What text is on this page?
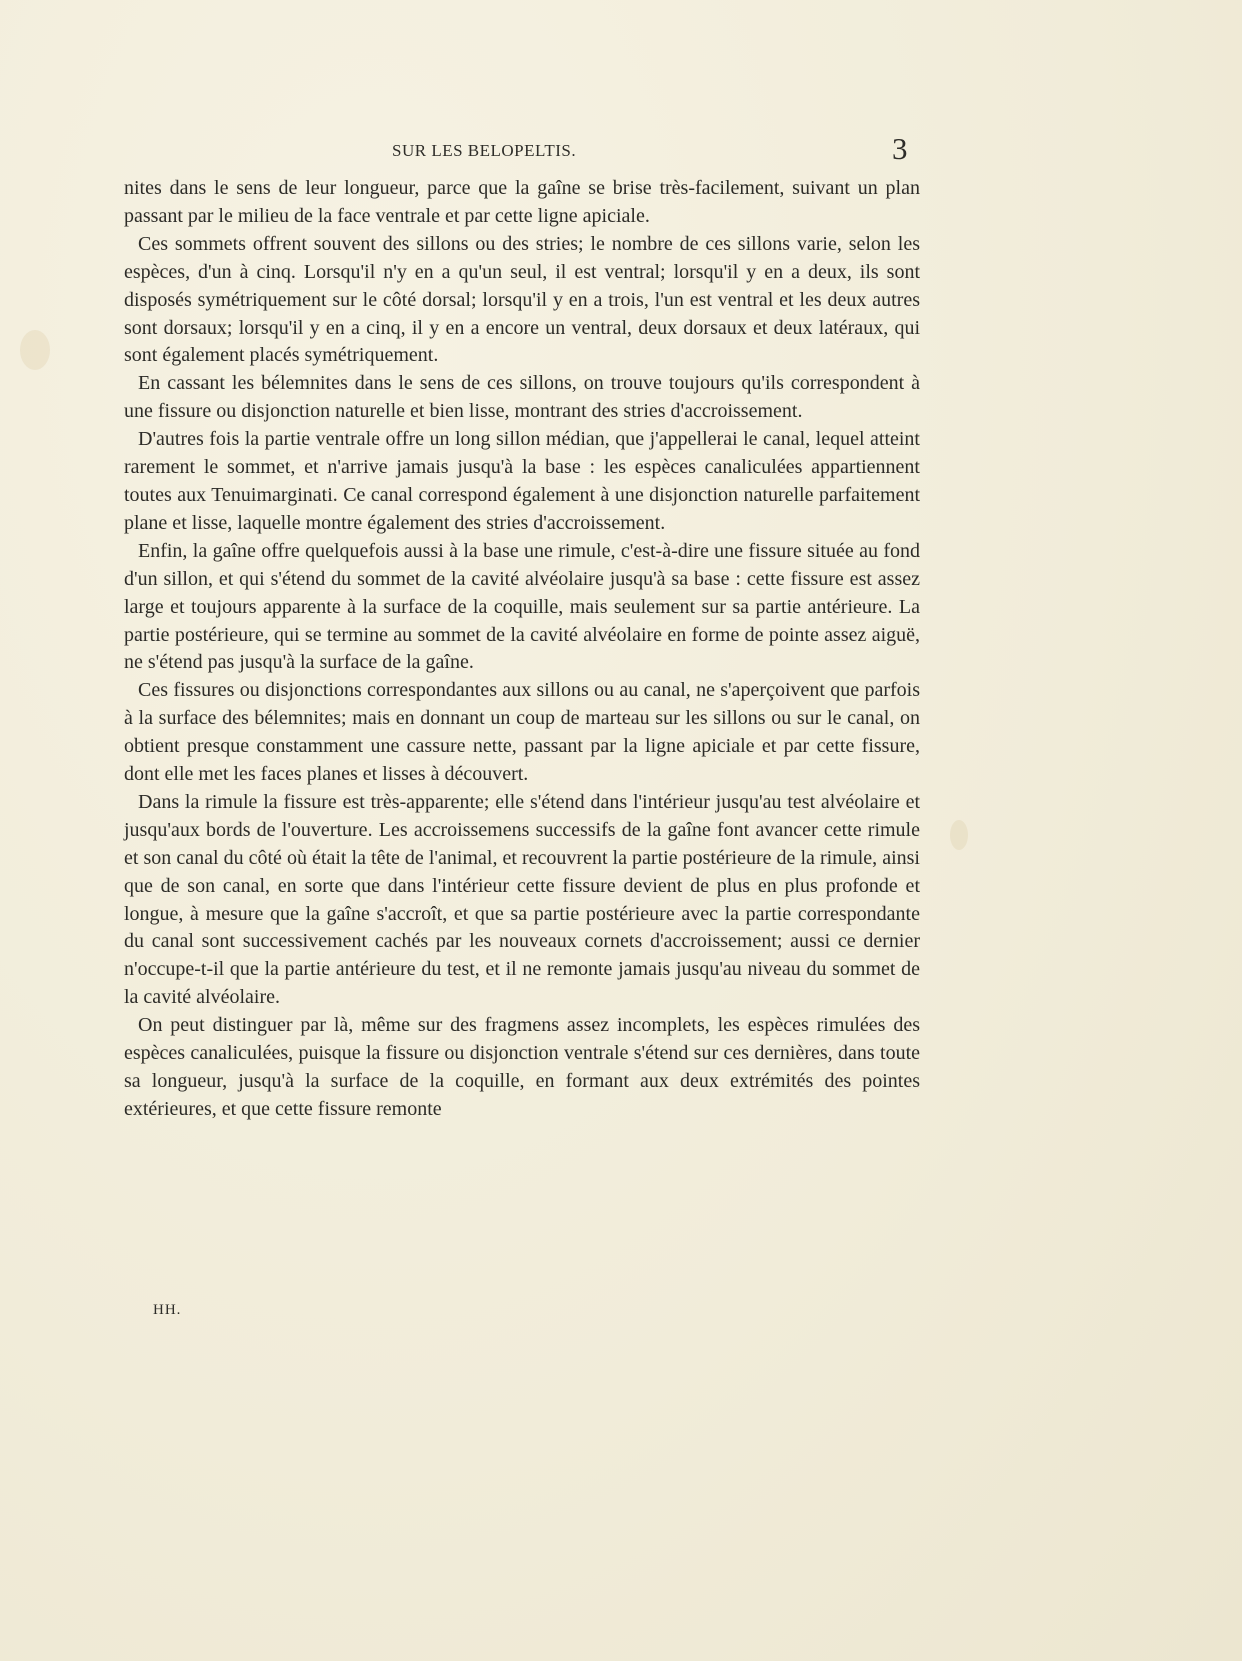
SUR LES BELOPELTIS.	3

nites dans le sens de leur longueur, parce que la gaîne se brise très-facilement, suivant un plan passant par le milieu de la face ventrale et par cette ligne apiciale.

Ces sommets offrent souvent des sillons ou des stries; le nombre de ces sillons varie, selon les espèces, d'un à cinq. Lorsqu'il n'y en a qu'un seul, il est ventral; lorsqu'il y en a deux, ils sont disposés symétriquement sur le côté dorsal; lorsqu'il y en a trois, l'un est ventral et les deux autres sont dorsaux; lorsqu'il y en a cinq, il y en a encore un ventral, deux dorsaux et deux latéraux, qui sont également placés symétriquement.

En cassant les bélemnites dans le sens de ces sillons, on trouve toujours qu'ils correspondent à une fissure ou disjonction naturelle et bien lisse, montrant des stries d'accroissement.

D'autres fois la partie ventrale offre un long sillon médian, que j'appellerai le canal, lequel atteint rarement le sommet, et n'arrive jamais jusqu'à la base : les espèces canaliculées appartiennent toutes aux Tenuimarginati. Ce canal correspond également à une disjonction naturelle parfaitement plane et lisse, laquelle montre également des stries d'accroissement.

Enfin, la gaîne offre quelquefois aussi à la base une rimule, c'est-à-dire une fissure située au fond d'un sillon, et qui s'étend du sommet de la cavité alvéolaire jusqu'à sa base : cette fissure est assez large et toujours apparente à la surface de la coquille, mais seulement sur sa partie antérieure. La partie postérieure, qui se termine au sommet de la cavité alvéolaire en forme de pointe assez aiguë, ne s'étend pas jusqu'à la surface de la gaîne.

Ces fissures ou disjonctions correspondantes aux sillons ou au canal, ne s'aperçoivent que parfois à la surface des bélemnites; mais en donnant un coup de marteau sur les sillons ou sur le canal, on obtient presque constamment une cassure nette, passant par la ligne apiciale et par cette fissure, dont elle met les faces planes et lisses à découvert.

Dans la rimule la fissure est très-apparente; elle s'étend dans l'intérieur jusqu'au test alvéolaire et jusqu'aux bords de l'ouverture. Les accroissemens successifs de la gaîne font avancer cette rimule et son canal du côté où était la tête de l'animal, et recouvrent la partie postérieure de la rimule, ainsi que de son canal, en sorte que dans l'intérieur cette fissure devient de plus en plus profonde et longue, à mesure que la gaîne s'accroît, et que sa partie postérieure avec la partie correspondante du canal sont successivement cachés par les nouveaux cornets d'accroissement; aussi ce dernier n'occupe-t-il que la partie antérieure du test, et il ne remonte jamais jusqu'au niveau du sommet de la cavité alvéolaire.

On peut distinguer par là, même sur des fragmens assez incomplets, les espèces rimulées des espèces canaliculées, puisque la fissure ou disjonction ventrale s'étend sur ces dernières, dans toute sa longueur, jusqu'à la surface de la coquille, en formant aux deux extrémités des pointes extérieures, et que cette fissure remonte

HH.
